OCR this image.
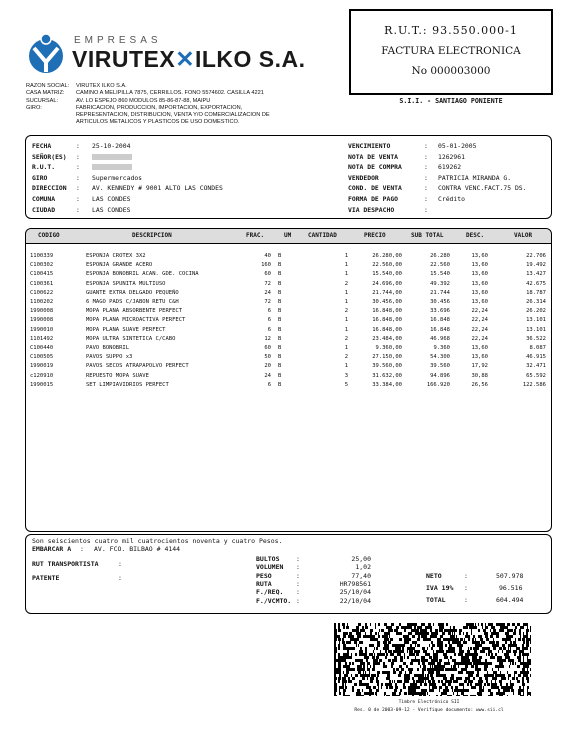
EMPRESAS
VIRUTEX✕ILKO S.A.
RAZON SOCIAL:	VIRUTEX ILKO S.A.
CASA MATRIZ:	CAMINO A MELIPILLA 7875, CERRILLOS. FONO 5574602. CASILLA 4221
SUCURSAL:	AV. LO ESPEJO 860 MODULOS 85-86-87-88, MAIPU
GIRO:	FABRICACION, PRODUCCION, IMPORTACION, EXPORTACION,
REPRESENTACION, DISTRIBUCION, VENTA Y/O COMERCIALIZACION DE
ARTICULOS METALICOS Y PLASTICOS DE USO DOMESTICO.
R.U.T.: 93.550.000-1
FACTURA ELECTRONICA
No 000003000
S.I.I. - SANTIAGO PONIENTE
FECHA	: 25-10-2004
SEÑOR(ES) :
R.U.T.	:
GIRO	: Supermercados
DIRECCION : AV. KENNEDY # 9001 ALTO LAS CONDES
COMUNA	: LAS CONDES
CIUDAD	: LAS CONDES
VENCIMIENTO	: 05-01-2005
NOTA DE VENTA	: 1262961
NOTA DE COMPRA	: 619262
VENDEDOR	: PATRICIA MIRANDA G.
COND. DE VENTA	: CONTRA VENC.FACT.75 DS.
FORMA DE PAGO	: Crédito
VIA DESPACHO	:
CODIGO	DESCRIPCION	FRAC.	UM	CANTIDAD	PRECIO	SUB TOTAL	DESC.	VALOR
1100339	ESPONJA CROTEX 3X2	40 B	1	26.280,00	26.280	13,60	22.706
C100302	ESPONJA GRANDE ACERO	160 B	1	22.560,00	22.560	13,60	19.492
C100415	ESPONJA BONOBRIL ACAN. GDE. COCINA	60 B	1	15.540,00	15.540	13,60	13.427
C100361	ESPONJA SPUNITA MULTIUSO	72 B	2	24.696,00	49.392	13,60	42.675
C100622	GUANTE EXTRA DELGADO PEQUEÑO	24 B	1	21.744,00	21.744	13,60	18.787
1100202	6 MAGO PADS C/JABON RETU C&H	72 B	1	30.456,00	30.456	13,60	26.314
1990008	MOPA PLANA ABSORBENTE PERFECT	6 B	2	16.848,00	33.696	22,24	26.202
1990008	MOPA PLANA MICROACTIVA PERFECT	6 B	1	16.848,00	16.848	22,24	13.101
1990010	MOPA PLANA SUAVE PERFECT	6 B	1	16.848,00	16.848	22,24	13.101
1101492	MOPA ULTRA SINTETICA C/CABO	12 B	2	23.484,00	46.968	22,24	36.522
C100440	PAVO BONOBRIL	60 B	1	9.360,00	9.360	13,60	8.087
C100505	PAVOS SUPPO x3	50 B	2	27.150,00	54.300	13,60	46.915
1990019	PAVOS SECOS ATRAPAPOLVO PERFECT	20 B	1	39.560,00	39.560	17,92	32.471
c120910	REPUESTO MOPA SUAVE	24 B	3	31.632,00	94.896	30,88	65.592
1990015	SET LIMPIAVIDRIOS PERFECT	6 B	5	33.384,00	166.920	26,56	122.586
Son seiscientos cuatro mil cuatrocientos noventa y cuatro Pesos.
EMBARCAR A : AV. FCO. BILBAO # 4144
RUT TRANSPORTISTA	:
PATENTE	:
BULTOS	:	25,00
VOLUMEN :	1,02
PESO	:	77,40
RUTA	:	HR798561
F./REQ. :	25/10/04
F./VCMTO. :	22/10/04
NETO	:	507.978
IVA 19% :	96.516
TOTAL	:	604.494
Timbre Electrónico SII
Res. 0 de 2003-09-12 - Verifique documento: www.sii.cl
